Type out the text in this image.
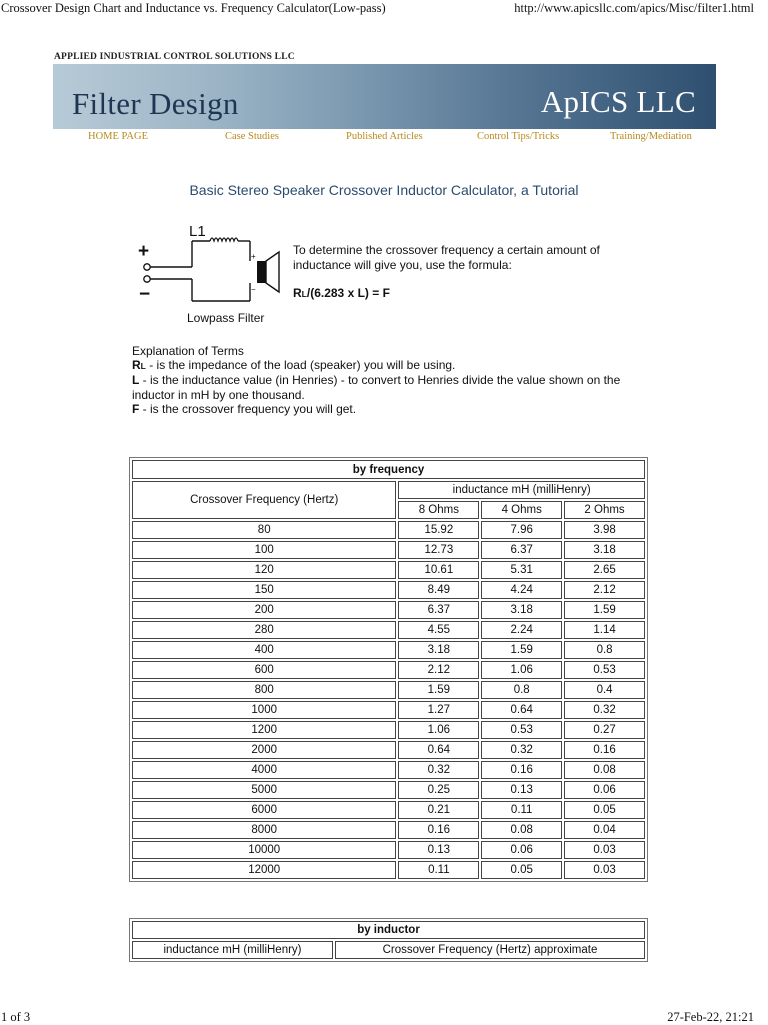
Crossover Design Chart and Inductance vs. Frequency Calculator(Low-pass)	http://www.apicsllc.com/apics/Misc/filter1.html
APPLIED INDUSTRIAL CONTROL SOLUTIONS LLC
Filter Design	ApICS LLC
HOME PAGE	Case Studies	Published Articles	Control Tips/Tricks	Training/Mediation
Basic Stereo Speaker Crossover Inductor Calculator, a Tutorial
L1
+
−
+
−
Lowpass Filter
To determine the crossover frequency a certain amount of inductance will give you, use the formula:
RL/(6.283 x L) = F
Explanation of Terms
RL - is the impedance of the load (speaker) you will be using.
L - is the inductance value (in Henries) - to convert to Henries divide the value shown on the inductor in mH by one thousand.
F - is the crossover frequency you will get.
by frequency			
Crossover Frequency (Hertz)	inductance mH (milliHenry)		
	8 Ohms	4 Ohms	2 Ohms
80	15.92	7.96	3.98
100	12.73	6.37	3.18
120	10.61	5.31	2.65
150	8.49	4.24	2.12
200	6.37	3.18	1.59
280	4.55	2.24	1.14
400	3.18	1.59	0.8
600	2.12	1.06	0.53
800	1.59	0.8	0.4
1000	1.27	0.64	0.32
1200	1.06	0.53	0.27
2000	0.64	0.32	0.16
4000	0.32	0.16	0.08
5000	0.25	0.13	0.06
6000	0.21	0.11	0.05
8000	0.16	0.08	0.04
10000	0.13	0.06	0.03
12000	0.11	0.05	0.03
by inductor
inductance mH (milliHenry)	Crossover Frequency (Hertz) approximate
1 of 3	27-Feb-22, 21:21
